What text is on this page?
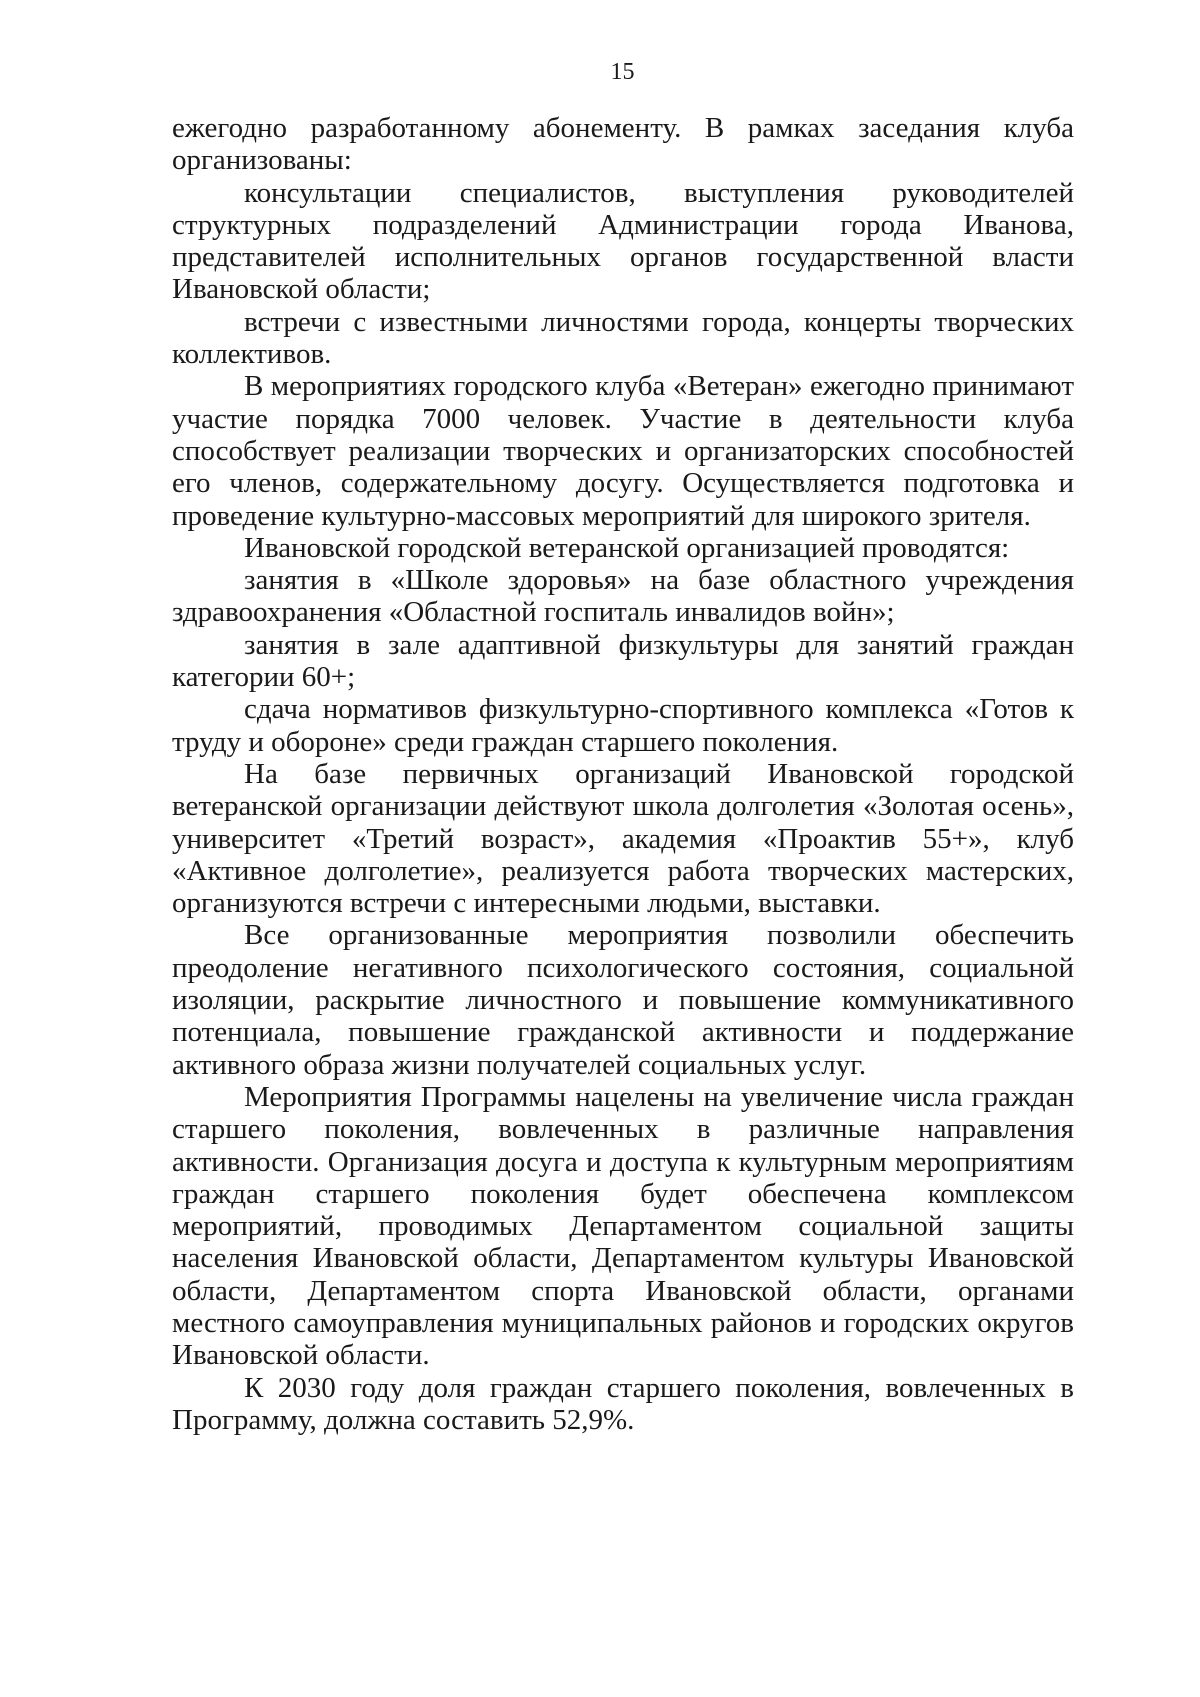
15

ежегодно разработанному абонементу. В рамках заседания клуба организованы:

консультации специалистов, выступления руководителей структурных подразделений Администрации города Иванова, представителей исполнительных органов государственной власти Ивановской области;

встречи с известными личностями города, концерты творческих коллективов.

В мероприятиях городского клуба «Ветеран» ежегодно принимают участие порядка 7000 человек. Участие в деятельности клуба способствует реализации творческих и организаторских способностей его членов, содержательному досугу. Осуществляется подготовка и проведение культурно-массовых мероприятий для широкого зрителя.

Ивановской городской ветеранской организацией проводятся:

занятия в «Школе здоровья» на базе областного учреждения здравоохранения «Областной госпиталь инвалидов войн»;

занятия в зале адаптивной физкультуры для занятий граждан категории 60+;

сдача нормативов физкультурно-спортивного комплекса «Готов к труду и обороне» среди граждан старшего поколения.

На базе первичных организаций Ивановской городской ветеранской организации действуют школа долголетия «Золотая осень», университет «Третий возраст», академия «Проактив 55+», клуб «Активное долголетие», реализуется работа творческих мастерских, организуются встречи с интересными людьми, выставки.

Все организованные мероприятия позволили обеспечить преодоление негативного психологического состояния, социальной изоляции, раскрытие личностного и повышение коммуникативного потенциала, повышение гражданской активности и поддержание активного образа жизни получателей социальных услуг.

Мероприятия Программы нацелены на увеличение числа граждан старшего поколения, вовлеченных в различные направления активности. Организация досуга и доступа к культурным мероприятиям граждан старшего поколения будет обеспечена комплексом мероприятий, проводимых Департаментом социальной защиты населения Ивановской области, Департаментом культуры Ивановской области, Департаментом спорта Ивановской области, органами местного самоуправления муниципальных районов и городских округов Ивановской области.

К 2030 году доля граждан старшего поколения, вовлеченных в Программу, должна составить 52,9%.
